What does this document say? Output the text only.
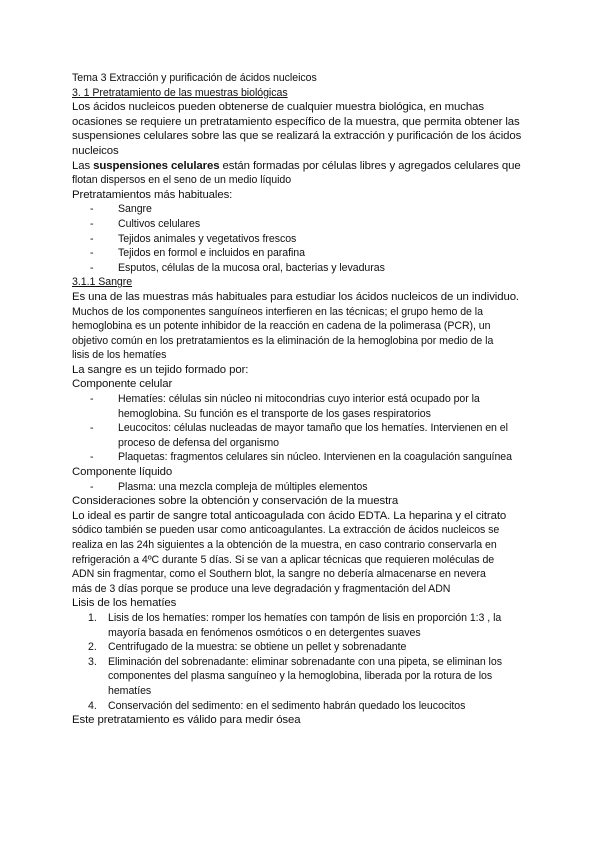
Tema 3 Extracción y purificación de ácidos nucleicos

3. 1 Pretratamiento de las muestras biológicas

Los ácidos nucleicos pueden obtenerse de cualquier muestra biológica, en muchas

ocasiones se requiere un pretratamiento específico de la muestra, que permita obtener las

suspensiones celulares sobre las que se realizará la extracción y purificación de los ácidos

nucleicos

Las suspensiones celulares están formadas por células libres y agregados celulares que

flotan dispersos en el seno de un medio líquido

Pretratamientos más habituales:

- Sangre

- Cultivos celulares

- Tejidos animales y vegetativos frescos

- Tejidos en formol e incluidos en parafina

- Esputos, células de la mucosa oral, bacterias y levaduras

3.1.1 Sangre

Es una de las muestras más habituales para estudiar los ácidos nucleicos de un individuo.

Muchos de los componentes sanguíneos interfieren en las técnicas; el grupo hemo de la

hemoglobina es un potente inhibidor de la reacción en cadena de la polimerasa (PCR), un

objetivo común en los pretratamientos es la eliminación de la hemoglobina por medio de la

lisis de los hematíes

La sangre es un tejido formado por:

Componente celular

- Hematíes: células sin núcleo ni mitocondrias cuyo interior está ocupado por la

hemoglobina. Su función es el transporte de los gases respiratorios

- Leucocitos: células nucleadas de mayor tamaño que los hematíes. Intervienen en el

proceso de defensa del organismo

- Plaquetas: fragmentos celulares sin núcleo. Intervienen en la coagulación sanguínea

Componente líquido

- Plasma: una mezcla compleja de múltiples elementos

Consideraciones sobre la obtención y conservación de la muestra

Lo ideal es partir de sangre total anticoagulada con ácido EDTA. La heparina y el citrato

sódico también se pueden usar como anticoagulantes. La extracción de ácidos nucleicos se

realiza en las 24h siguientes a la obtención de la muestra, en caso contrario conservarla en

refrigeración a 4ºC durante 5 días. Si se van a aplicar técnicas que requieren moléculas de

ADN sin fragmentar, como el Southern blot, la sangre no debería almacenarse en nevera

más de 3 días porque se produce una leve degradación y fragmentación del ADN

Lisis de los hematíes

1. Lisis de los hematíes: romper los hematíes con tampón de lisis en proporción 1:3 , la

mayoría basada en fenómenos osmóticos o en detergentes suaves

2. Centrifugado de la muestra: se obtiene un pellet y sobrenadante

3. Eliminación del sobrenadante: eliminar sobrenadante con una pipeta, se eliminan los

componentes del plasma sanguíneo y la hemoglobina, liberada por la rotura de los

hematíes

4. Conservación del sedimento: en el sedimento habrán quedado los leucocitos

Este pretratamiento es válido para medir ósea
